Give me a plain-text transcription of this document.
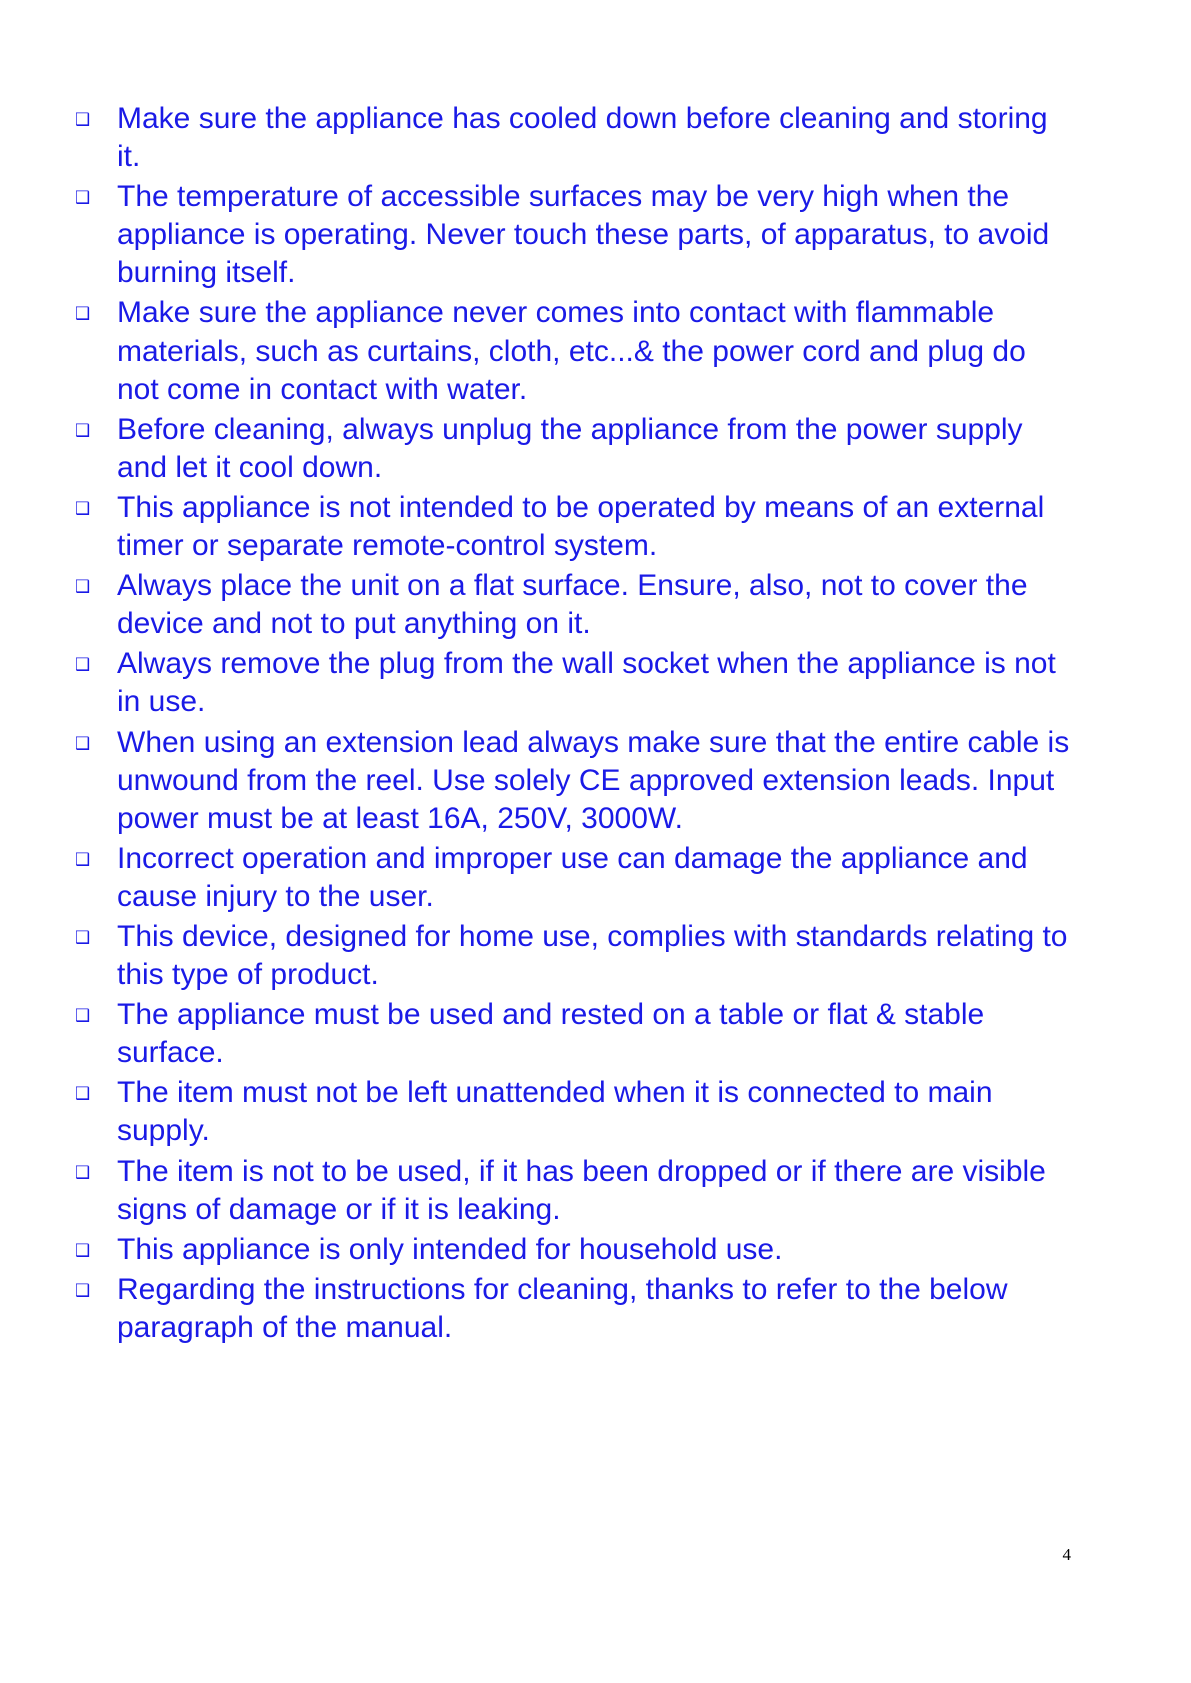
❑ Make sure the appliance has cooled down before cleaning and storing it.
❑ The temperature of accessible surfaces may be very high when the appliance is operating. Never touch these parts, of apparatus, to avoid burning itself.
❑ Make sure the appliance never comes into contact with flammable materials, such as curtains, cloth, etc...& the power cord and plug do not come in contact with water.
❑ Before cleaning, always unplug the appliance from the power supply and let it cool down.
❑ This appliance is not intended to be operated by means of an external timer or separate remote-control system.
❑ Always place the unit on a flat surface. Ensure, also, not to cover the device and not to put anything on it.
❑ Always remove the plug from the wall socket when the appliance is not in use.
❑ When using an extension lead always make sure that the entire cable is unwound from the reel. Use solely CE approved extension leads. Input power must be at least 16A, 250V, 3000W.
❑ Incorrect operation and improper use can damage the appliance and cause injury to the user.
❑ This device, designed for home use, complies with standards relating to this type of product.
❑ The appliance must be used and rested on a table or flat & stable surface.
❑ The item must not be left unattended when it is connected to main supply.
❑ The item is not to be used, if it has been dropped or if there are visible signs of damage or if it is leaking.
❑ This appliance is only intended for household use.
❑ Regarding the instructions for cleaning, thanks to refer to the below paragraph of the manual.
4
